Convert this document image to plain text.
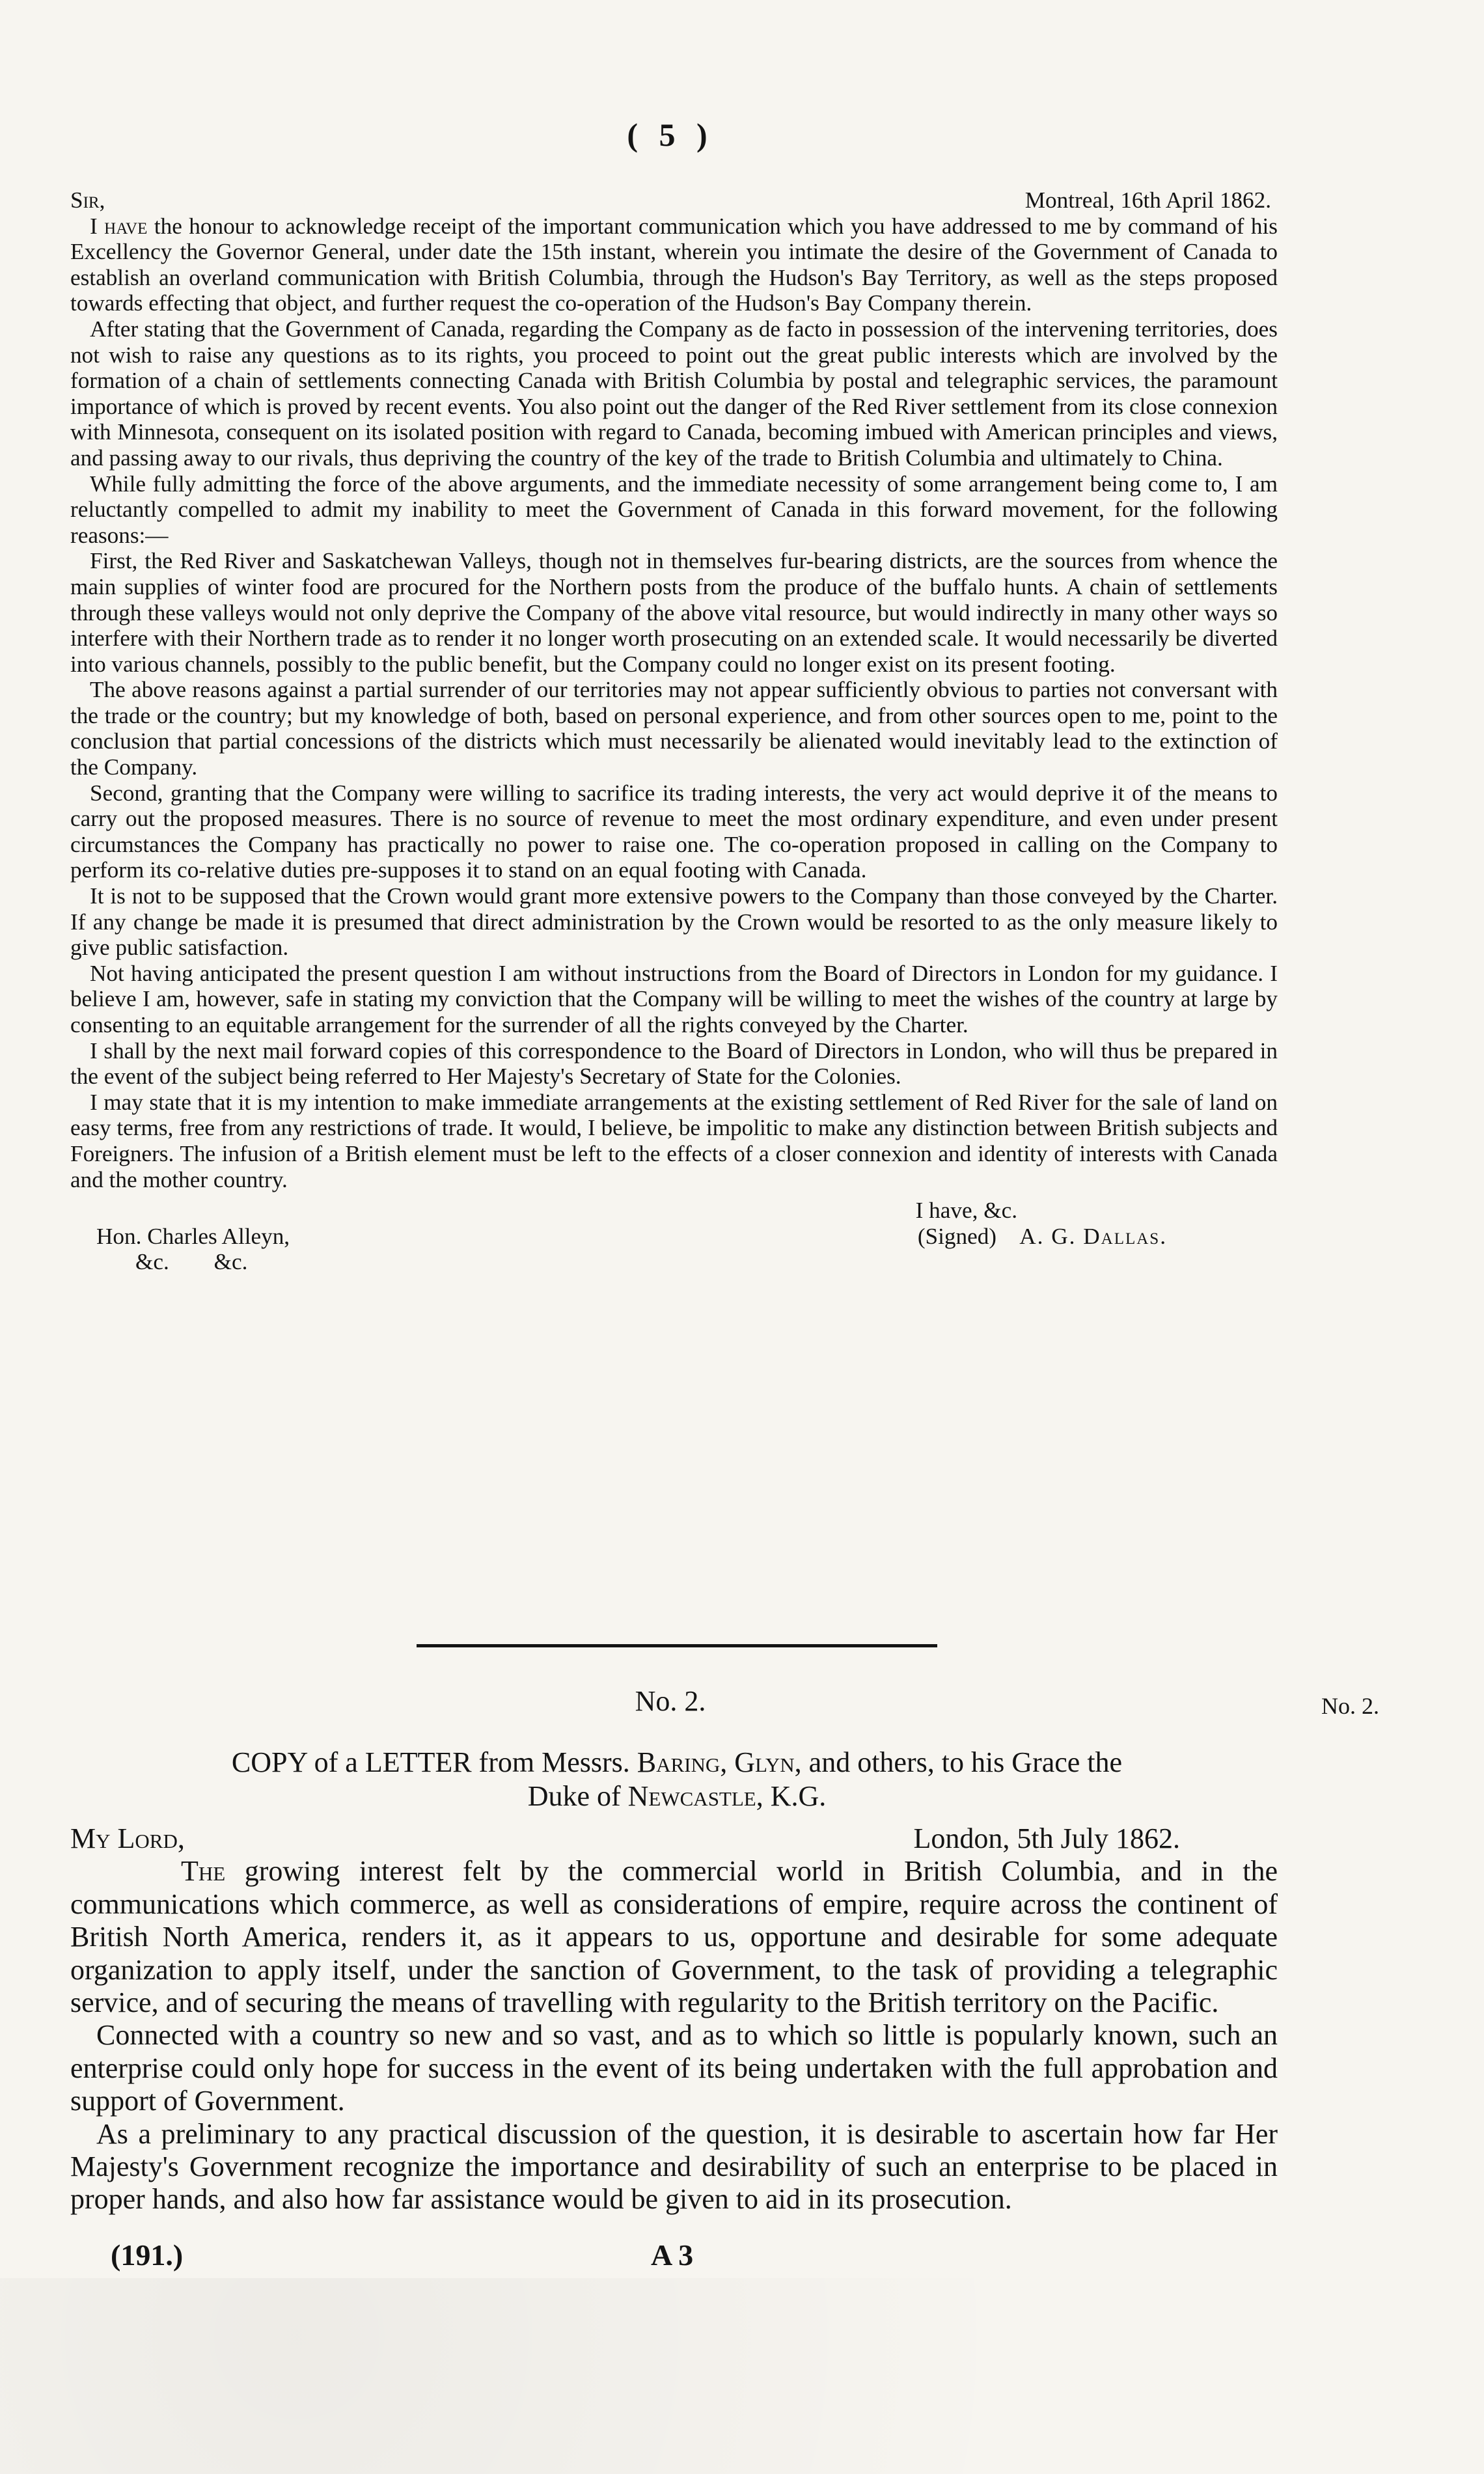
( 5 )
Sir,	Montreal, 16th April 1862.

I have the honour to acknowledge receipt of the important communication which you have addressed to me by command of his Excellency the Governor General, under date the 15th instant, wherein you intimate the desire of the Government of Canada to establish an overland communication with British Columbia, through the Hudson's Bay Territory, as well as the steps proposed towards effecting that object, and further request the co-operation of the Hudson's Bay Company therein.

After stating that the Government of Canada, regarding the Company as de facto in possession of the intervening territories, does not wish to raise any questions as to its rights, you proceed to point out the great public interests which are involved by the formation of a chain of settlements connecting Canada with British Columbia by postal and telegraphic services, the paramount importance of which is proved by recent events. You also point out the danger of the Red River settlement from its close connexion with Minnesota, consequent on its isolated position with regard to Canada, becoming imbued with American principles and views, and passing away to our rivals, thus depriving the country of the key of the trade to British Columbia and ultimately to China.

While fully admitting the force of the above arguments, and the immediate necessity of some arrangement being come to, I am reluctantly compelled to admit my inability to meet the Government of Canada in this forward movement, for the following reasons:—

First, the Red River and Saskatchewan Valleys, though not in themselves fur-bearing districts, are the sources from whence the main supplies of winter food are procured for the Northern posts from the produce of the buffalo hunts. A chain of settlements through these valleys would not only deprive the Company of the above vital resource, but would indirectly in many other ways so interfere with their Northern trade as to render it no longer worth prosecuting on an extended scale. It would necessarily be diverted into various channels, possibly to the public benefit, but the Company could no longer exist on its present footing.

The above reasons against a partial surrender of our territories may not appear sufficiently obvious to parties not conversant with the trade or the country; but my knowledge of both, based on personal experience, and from other sources open to me, point to the conclusion that partial concessions of the districts which must necessarily be alienated would inevitably lead to the extinction of the Company.

Second, granting that the Company were willing to sacrifice its trading interests, the very act would deprive it of the means to carry out the proposed measures. There is no source of revenue to meet the most ordinary expenditure, and even under present circumstances the Company has practically no power to raise one. The co-operation proposed in calling on the Company to perform its co-relative duties pre-supposes it to stand on an equal footing with Canada.

It is not to be supposed that the Crown would grant more extensive powers to the Company than those conveyed by the Charter. If any change be made it is presumed that direct administration by the Crown would be resorted to as the only measure likely to give public satisfaction.

Not having anticipated the present question I am without instructions from the Board of Directors in London for my guidance. I believe I am, however, safe in stating my conviction that the Company will be willing to meet the wishes of the country at large by consenting to an equitable arrangement for the surrender of all the rights conveyed by the Charter.

I shall by the next mail forward copies of this correspondence to the Board of Directors in London, who will thus be prepared in the event of the subject being referred to Her Majesty's Secretary of State for the Colonies.

I may state that it is my intention to make immediate arrangements at the existing settlement of Red River for the sale of land on easy terms, free from any restrictions of trade. It would, I believe, be impolitic to make any distinction between British subjects and Foreigners. The infusion of a British element must be left to the effects of a closer connexion and identity of interests with Canada and the mother country.

I have, &c.
Hon. Charles Alleyn,	(Signed) A. G. Dallas.
&c. &c.
No. 2.	No. 2.
COPY of a LETTER from Messrs. Baring, Glyn, and others, to his Grace the
Duke of Newcastle, K.G.
My Lord,	London, 5th July 1862.

The growing interest felt by the commercial world in British Columbia, and in the communications which commerce, as well as considerations of empire, require across the continent of British North America, renders it, as it appears to us, opportune and desirable for some adequate organization to apply itself, under the sanction of Government, to the task of providing a telegraphic service, and of securing the means of travelling with regularity to the British territory on the Pacific.

Connected with a country so new and so vast, and as to which so little is popularly known, such an enterprise could only hope for success in the event of its being undertaken with the full approbation and support of Government.

As a preliminary to any practical discussion of the question, it is desirable to ascertain how far Her Majesty's Government recognize the importance and desirability of such an enterprise to be placed in proper hands, and also how far assistance would be given to aid in its prosecution.

(191.)	A 3
